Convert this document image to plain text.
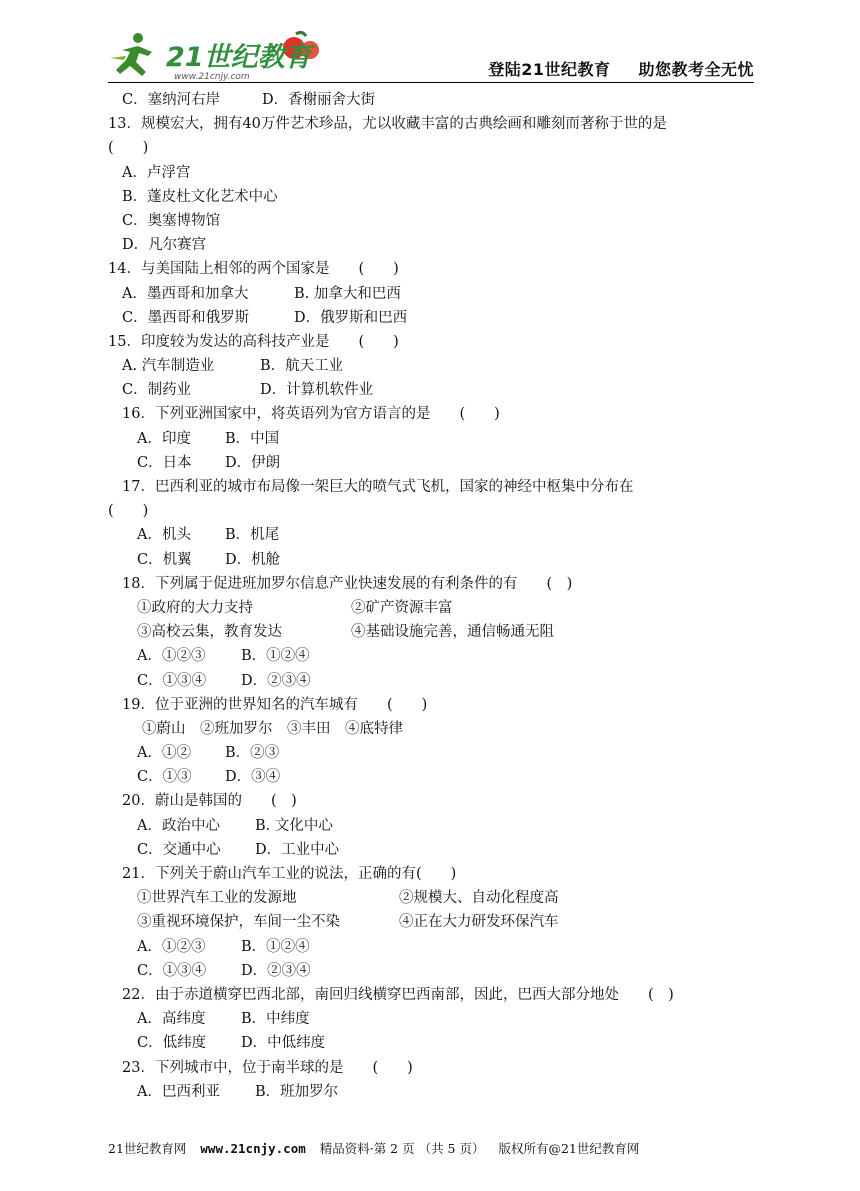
21世纪教育
www.21cnjy.com	登陆21世纪教育 助您教考全无忧
C．塞纳河右岸	D．香榭丽舍大街
13．规模宏大，拥有40万件艺术珍品，尤以收藏丰富的古典绘画和雕刻而著称于世的是
(　　)
A．卢浮宫
B．蓬皮杜文化艺术中心
C．奥塞博物馆
D．凡尔赛宫
14．与美国陆上相邻的两个国家是　　(　　)
A．墨西哥和加拿大	B. 加拿大和巴西
C．墨西哥和俄罗斯	D．俄罗斯和巴西
15．印度较为发达的高科技产业是　　(　　)
A. 汽车制造业	B．航天工业
C．制药业	D．计算机软件业
16．下列亚洲国家中，将英语列为官方语言的是　　(　　)
A．印度 B．中国
C．日本 D．伊朗
17．巴西利亚的城市布局像一架巨大的喷气式飞机，国家的神经中枢集中分布在
(　　)
A．机头 B．机尾
C．机翼 D．机舱
18．下列属于促进班加罗尔信息产业快速发展的有利条件的有　　(　)
①政府的大力支持	②矿产资源丰富
③高校云集，教育发达	④基础设施完善，通信畅通无阻
A．①②③ B．①②④
C．①③④ D．②③④
19．位于亚洲的世界知名的汽车城有　　(　　)
①蔚山　②班加罗尔　③丰田　④底特律
A．①② B．②③
C．①③ D．③④
20．蔚山是韩国的　　(　)
A．政治中心 B. 文化中心
C．交通中心 D．工业中心
21．下列关于蔚山汽车工业的说法，正确的有(　　)
①世界汽车工业的发源地	②规模大、自动化程度高
③重视环境保护，车间一尘不染	④正在大力研发环保汽车
A．①②③ B．①②④
C．①③④ D．②③④
22．由于赤道横穿巴西北部，南回归线横穿巴西南部，因此，巴西大部分地处　　(　)
A．高纬度 B．中纬度
C．低纬度 D．中低纬度
23．下列城市中，位于南半球的是　　(　　)
A．巴西利亚 B．班加罗尔
21世纪教育网 www.21cnjy.com 精品资料·第 2 页 （共 5 页） 版权所有@21世纪教育网
